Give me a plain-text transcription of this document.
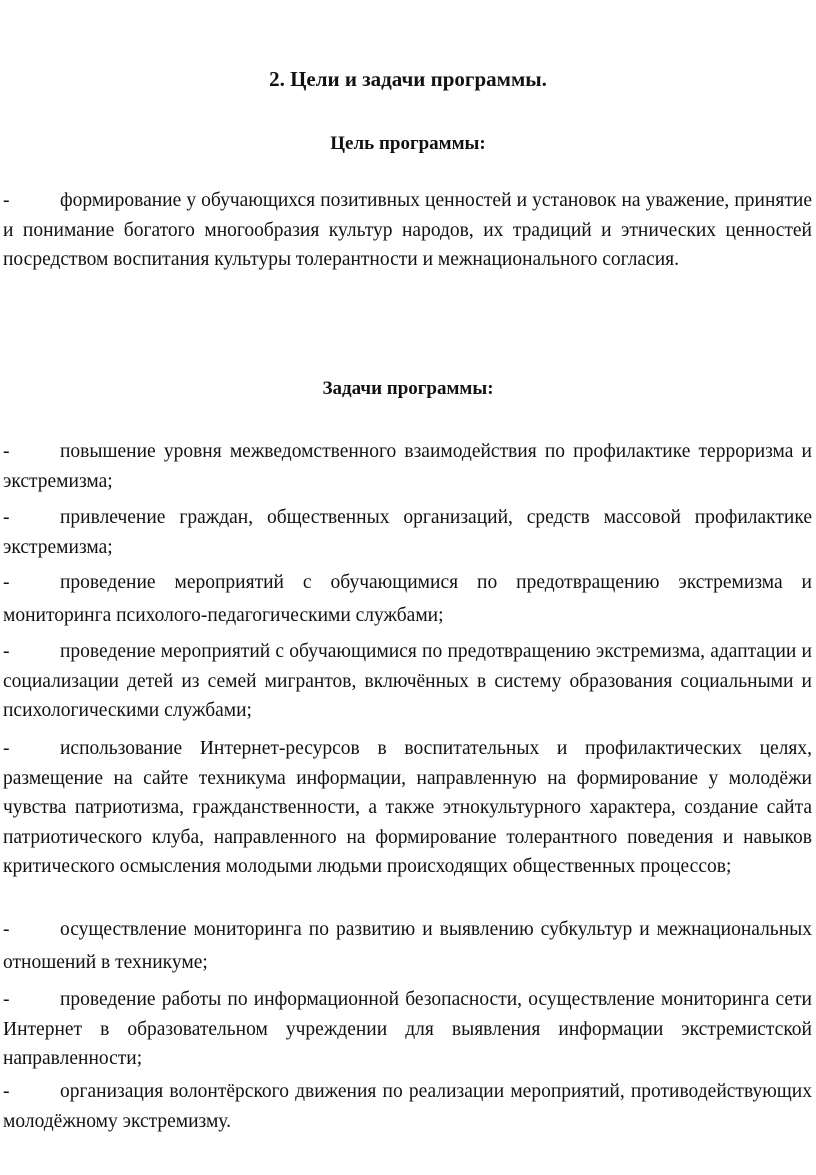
2. Цели и задачи программы.
Цель программы:

-	формирование у обучающихся позитивных ценностей и установок на уважение, принятие и понимание богатого многообразия культур народов, их традиций и этнических ценностей посредством воспитания культуры толерантности и межнационального согласия.

Задачи программы:

-	повышение уровня межведомственного взаимодействия по профилактике терроризма и экстремизма;

-	привлечение граждан, общественных организаций, средств массовой профилактике экстремизма;

-	проведение мероприятий с обучающимися по предотвращению экстремизма и мониторинга психолого-педагогическими службами;

-	проведение мероприятий с обучающимися по предотвращению экстремизма, адаптации и социализации детей из семей мигрантов, включённых в систему образования социальными и психологическими службами;

-	использование Интернет-ресурсов в воспитательных и профилактических целях, размещение на сайте техникума информации, направленную на формирование у молодёжи чувства патриотизма, гражданственности, а также этнокультурного характера, создание сайта патриотического клуба, направленного на формирование толерантного поведения и навыков критического осмысления молодыми людьми происходящих общественных процессов;

-	осуществление мониторинга по развитию и выявлению субкультур и межнациональных отношений в техникуме;

-	проведение работы по информационной безопасности, осуществление мониторинга сети Интернет в образовательном учреждении для выявления информации экстремистской направленности;

-	организация волонтёрского движения по реализации мероприятий, противодействующих молодёжному экстремизму.
